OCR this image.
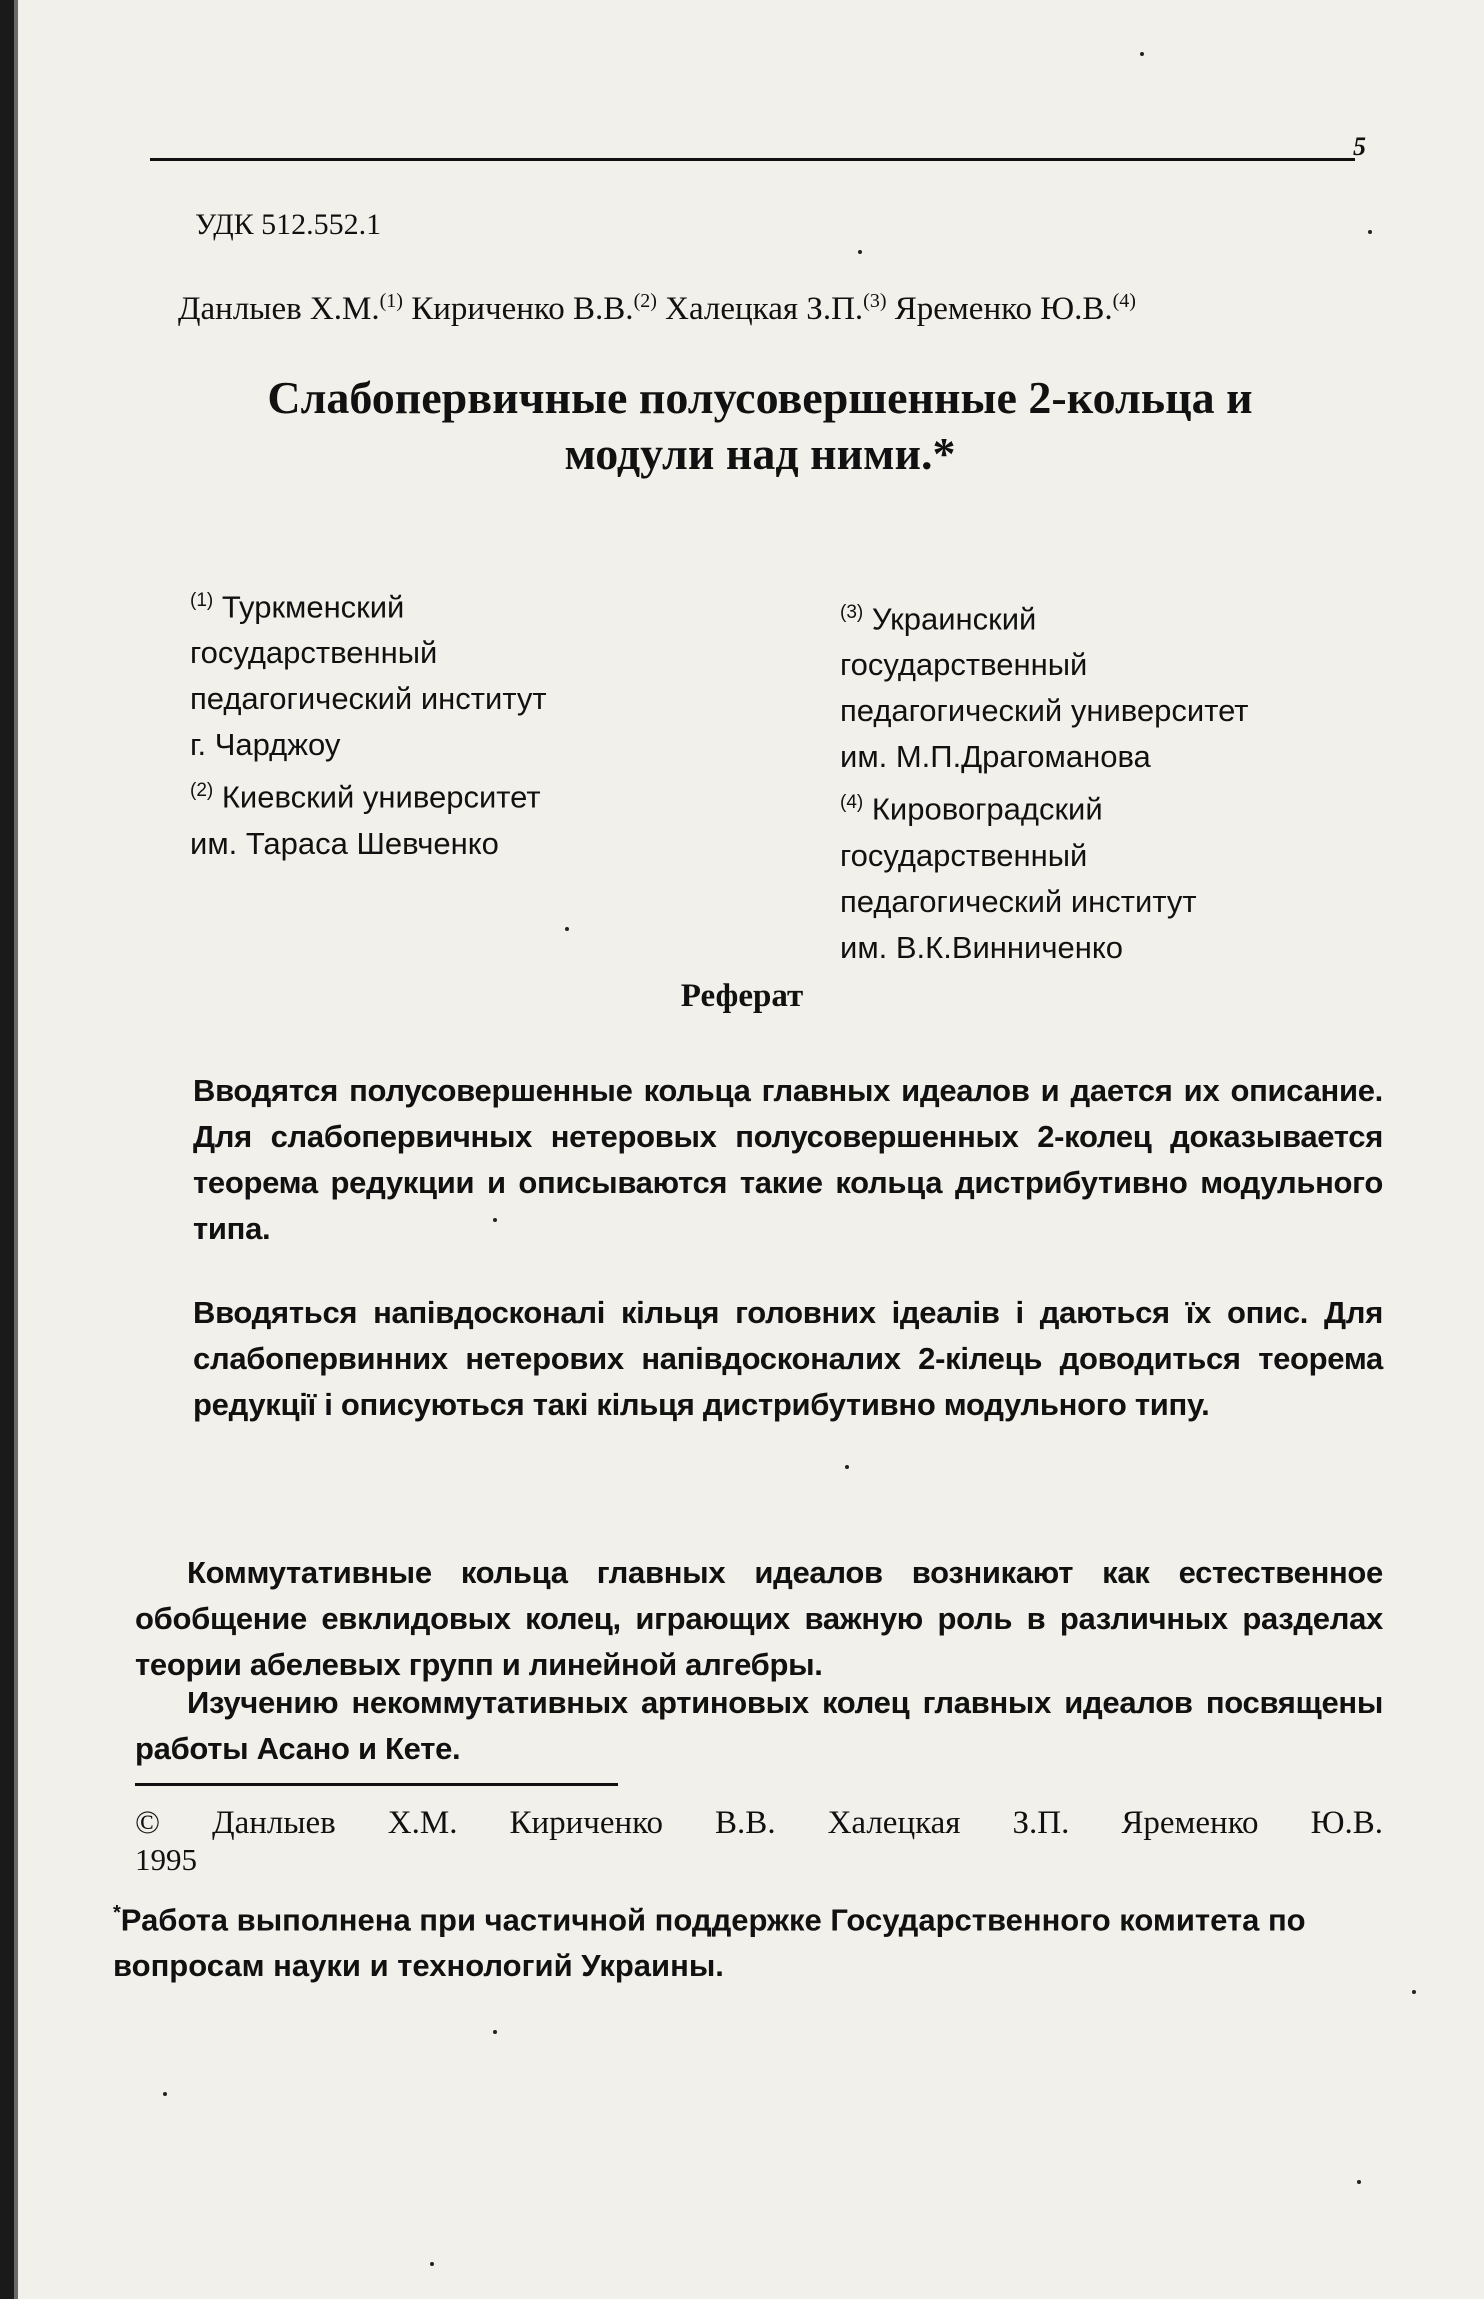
5
УДК 512.552.1
Данлыев Х.М.$^{(1)}$ Кириченко В.В.$^{(2)}$ Халецкая З.П.$^{(3)}$ Яременко Ю.В.$^{(4)}$
Слабопервичные полусовершенные 2-кольца и
модули над ними.*
$^{(1)}$ Туркменский
государственный
педагогический институт
г. Чарджоу
$^{(2)}$ Киевский университет
им. Тараса Шевченко
$^{(3)}$ Украинский
государственный
педагогический университет
им. М.П.Драгоманова
$^{(4)}$ Кировоградский
государственный
педагогический институт
им. В.К.Винниченко
Реферат
Вводятся полусовершенные кольца главных идеалов и дается их описание. Для слабопервичных нетеровых полусовершенных 2-колец доказывается теорема редукции и описываются такие кольца дистрибутивно модульного типа.
Вводяться напівдосконалі кільця головних ідеалів і даються їх опис. Для слабопервинних нетерових напівдосконалих 2-кілець доводиться теорема редукції і описуються такі кільця дистрибутивно модульного типу.
Коммутативные кольца главных идеалов возникают как естественное обобщение евклидовых колец, играющих важную роль в различных разделах теории абелевых групп и линейной алгебры.
Изучению некоммутативных артиновых колец главных идеалов посвящены работы Асано и Кете.
© Данлыев Х.М. Кириченко В.В. Халецкая З.П. Яременко Ю.В.
1995
*Работа выполнена при частичной поддержке Государственного комитета по вопросам науки и технологий Украины.
